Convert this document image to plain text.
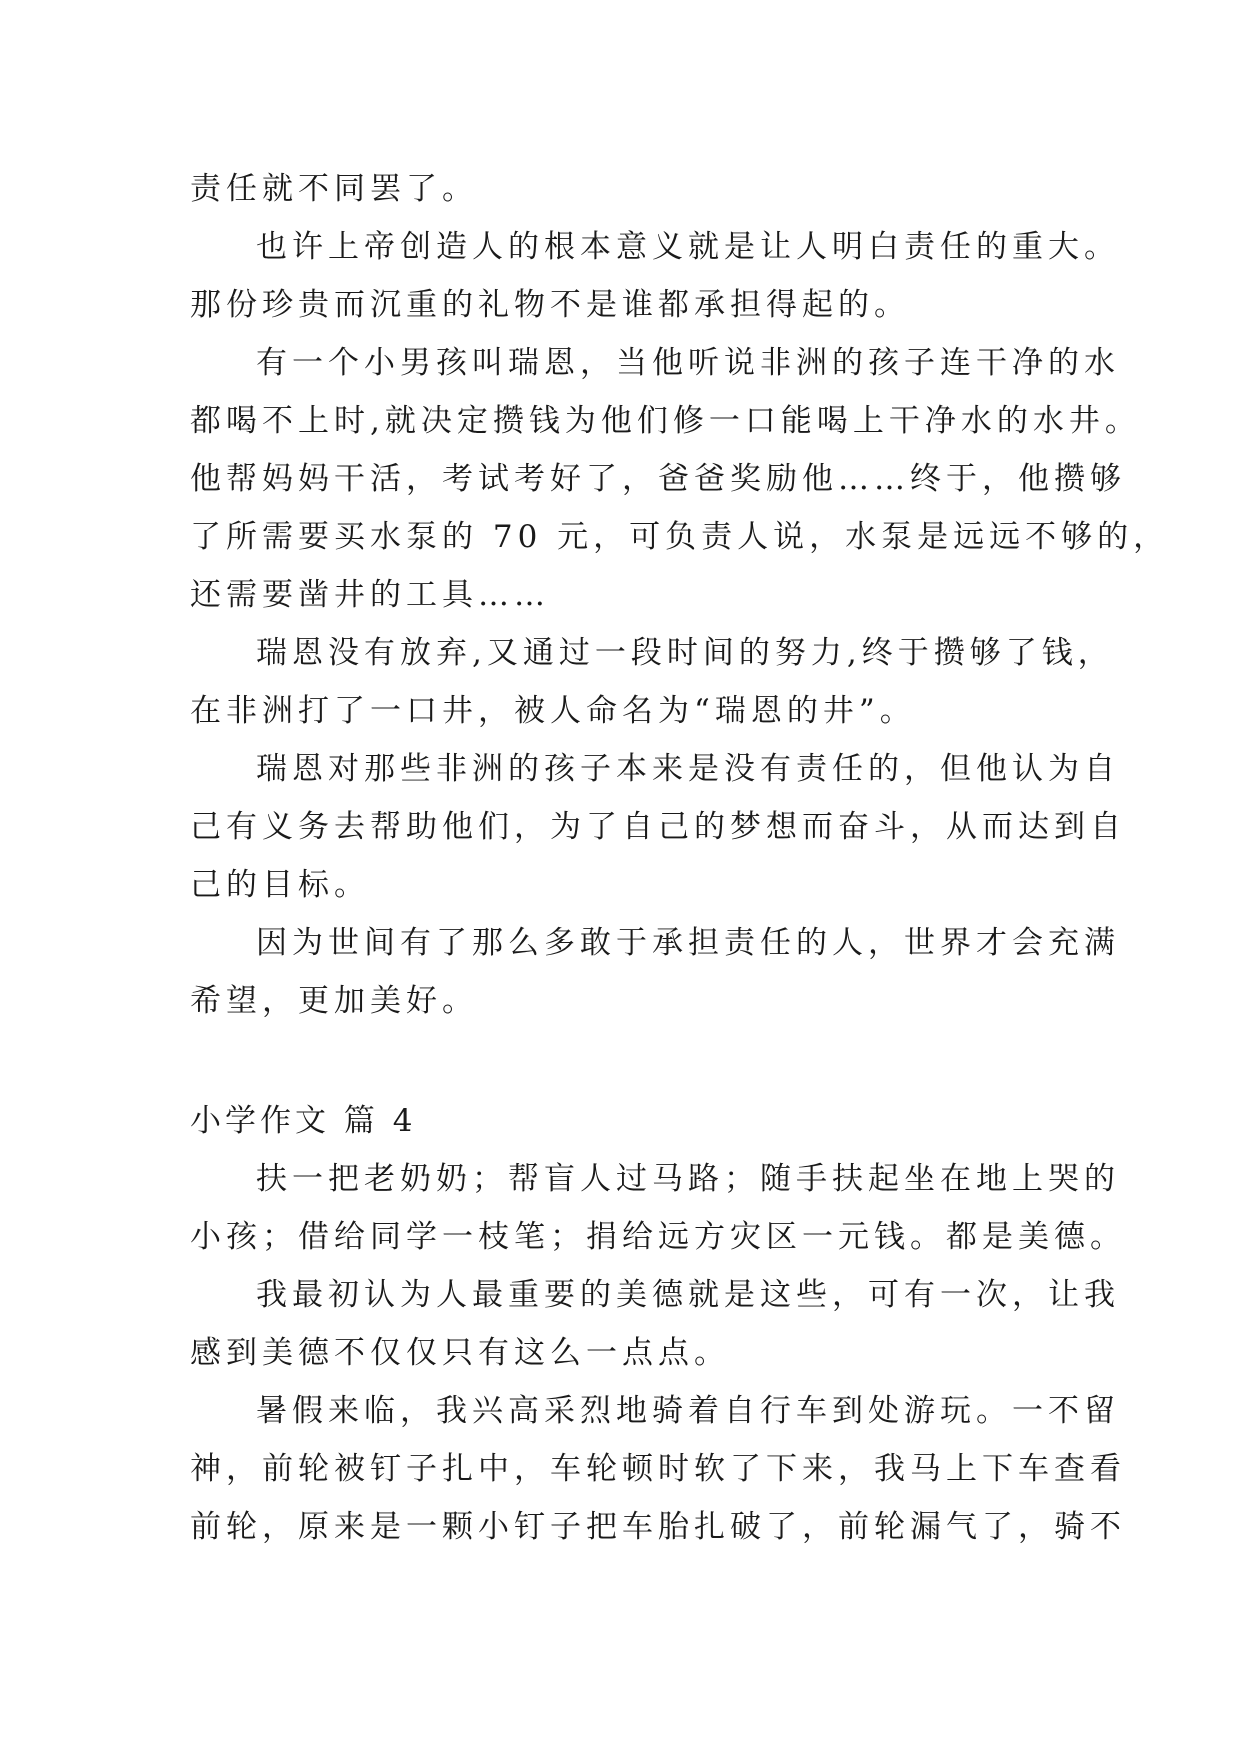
责任就不同罢了。
也许上帝创造人的根本意义就是让人明白责任的重大。
那份珍贵而沉重的礼物不是谁都承担得起的。
有一个小男孩叫瑞恩，当他听说非洲的孩子连干净的水
都喝不上时,就决定攒钱为他们修一口能喝上干净水的水井。
他帮妈妈干活，考试考好了，爸爸奖励他……终于，他攒够
了所需要买水泵的 70 元，可负责人说，水泵是远远不够的，
还需要凿井的工具……
瑞恩没有放弃,又通过一段时间的努力,终于攒够了钱，
在非洲打了一口井，被人命名为“瑞恩的井”。
瑞恩对那些非洲的孩子本来是没有责任的，但他认为自
己有义务去帮助他们，为了自己的梦想而奋斗，从而达到自
己的目标。
因为世间有了那么多敢于承担责任的人，世界才会充满
希望，更加美好。
小学作文 篇 4
扶一把老奶奶；帮盲人过马路；随手扶起坐在地上哭的
小孩；借给同学一枝笔；捐给远方灾区一元钱。都是美德。
我最初认为人最重要的美德就是这些，可有一次，让我
感到美德不仅仅只有这么一点点。
暑假来临，我兴高采烈地骑着自行车到处游玩。一不留
神，前轮被钉子扎中，车轮顿时软了下来，我马上下车查看
前轮，原来是一颗小钉子把车胎扎破了，前轮漏气了，骑不
